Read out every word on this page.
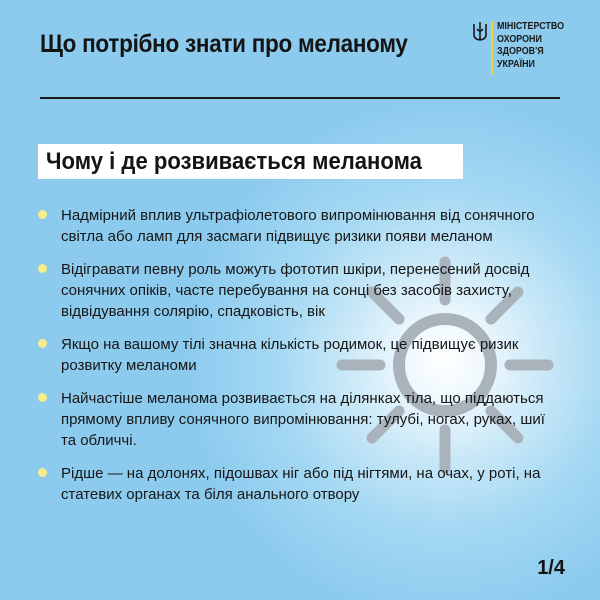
Що потрібно знати про меланому

МІНІСТЕРСТВО
ОХОРОНИ
ЗДОРОВ'Я
УКРАЇНИ

Чому і де розвивається меланома
Надмірний вплив ультрафіолетового випромінювання від сонячного світла або ламп для засмаги підвищує ризики появи меланом
Відігравати певну роль можуть фототип шкіри, перенесений досвід сонячних опіків, часте перебування на сонці без засобів захисту, відвідування солярію, спадковість, вік
Якщо на вашому тілі значна кількість родимок, це підвищує ризик розвитку меланоми
Найчастіше меланома розвивається на ділянках тіла, що піддаються прямому впливу сонячного випромінювання: тулубі, ногах, руках, шиї та обличчі.
Рідше — на долонях, підошвах ніг або під нігтями, на очах, у роті, на статевих органах та біля анального отвору
1/4
